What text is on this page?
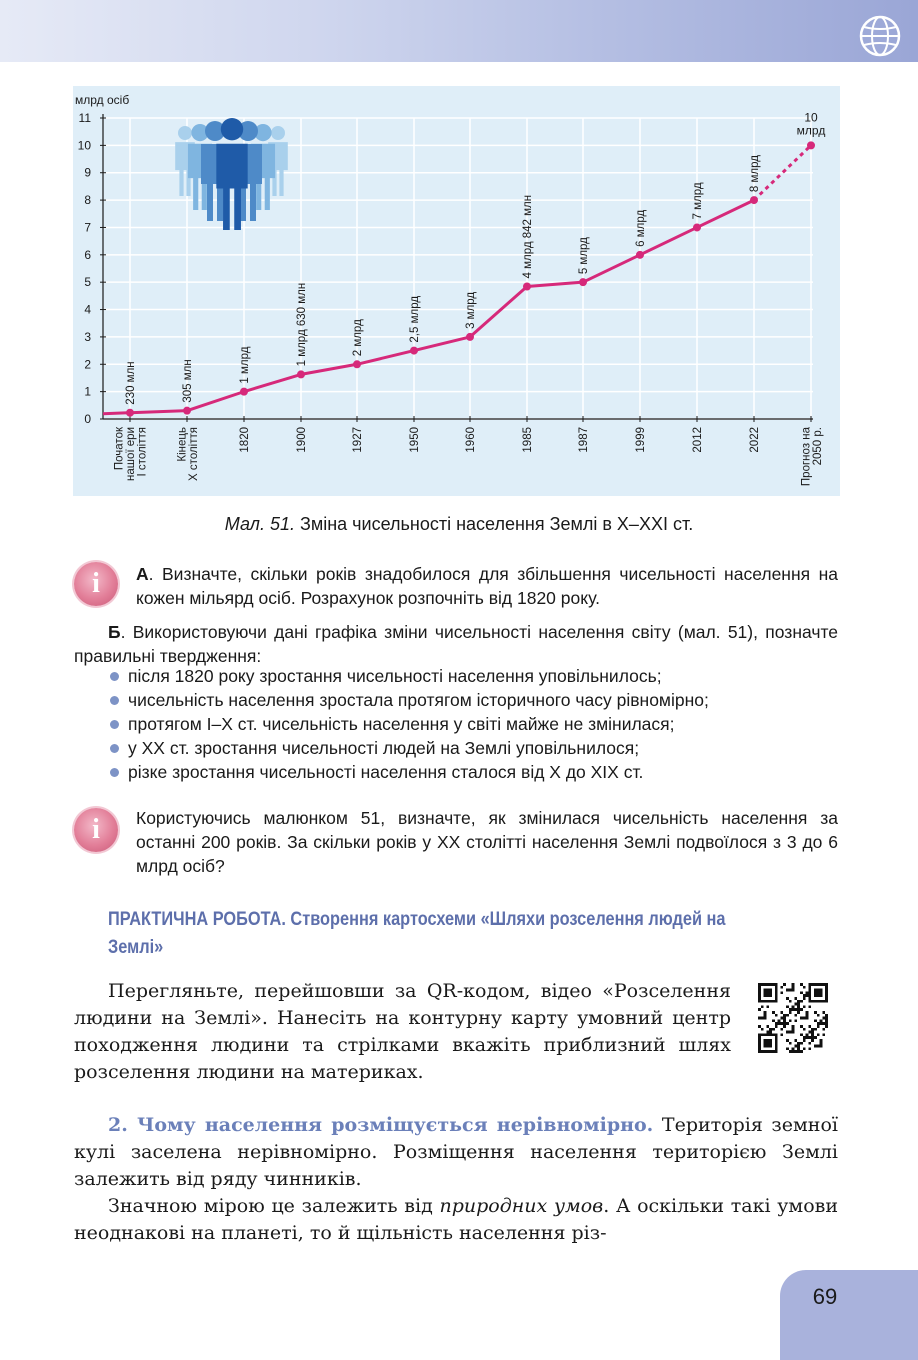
млрд осіб
0
1
2
3
4
5
6
7
8
9
10
11
Початокнашої ериІ століття КінецьХ століття	1820	1900	1927	1950	1960	1985	1987	1999	2012	2022	Прогноз на2050 р.
230 млн	305 млн	1 млрд	1 млрд 630 млн	2 млрд	2,5 млрд	3 млрд
4 млрд 842 млн	5 млрд
6 млрд
7 млрд
8 млрд
10 млрд
Мал. 51. Зміна чисельності населення Землі в Х–ХХІ ст.
i	А. Визначте, скільки років знадобилося для збільшення чисельності населення на кожен мільярд осіб. Розрахунок розпочніть від 1820 року.
Б. Використовуючи дані графіка зміни чисельності населення світу (мал. 51), позначте правильні твердження:
після 1820 року зростання чисельності населення уповільнилось;
чисельність населення зростала протягом історичного часу рівномірно;
протягом І–Х ст. чисельність населення у світі майже не змінилася;
у ХХ ст. зростання чисельності людей на Землі уповільнилося;
різке зростання чисельності населення сталося від Х до ХІХ ст.
i	Користуючись малюнком 51, визначте, як змінилася чисельність населення за останні 200 років. За скільки років у ХХ столітті населення Землі подвоїлося з 3 до 6 млрд осіб?
ПРАКТИЧНА РОБОТА. Створення картосхеми «Шляхи розселення людей на Землі»
Перегляньте, перейшовши за QR-кодом, відео «Розселення людини на Землі». Нанесіть на контурну карту умовний центр походження людини та стрілками вкажіть приблизний шлях розселення людини на материках.
2. Чому населення розміщується нерівномірно. Територія земної кулі заселена нерівномірно. Розміщення населення територією Землі залежить від ряду чинників.
Значною мірою це залежить від природних умов. А оскільки такі умови неоднакові на планеті, то й щільність населення різ-
69
